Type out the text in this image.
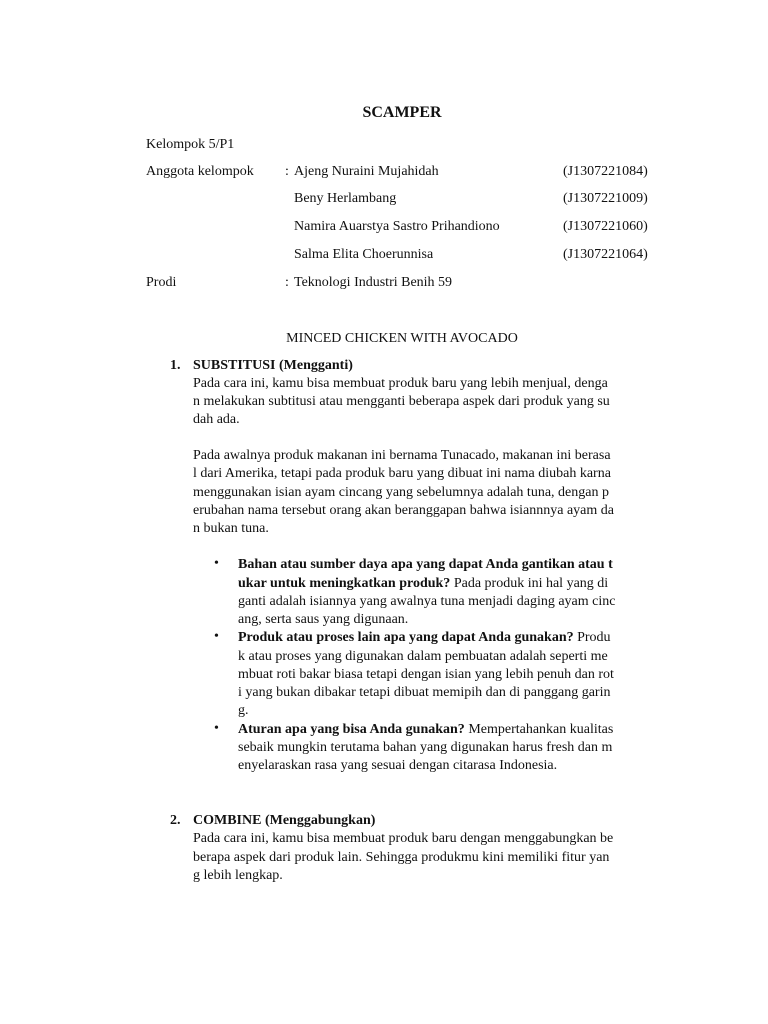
SCAMPER
Kelompok 5/P1
Anggota kelompok : Ajeng Nuraini Mujahidah	(J1307221084)
Beny Herlambang	(J1307221009)
Namira Auarstya Sastro Prihandiono	(J1307221060)
Salma Elita Choerunnisa	(J1307221064)
Prodi	: Teknologi Industri Benih 59
MINCED CHICKEN WITH AVOCADO
1. SUBSTITUSI (Mengganti)
Pada cara ini, kamu bisa membuat produk baru yang lebih menjual, denga
n melakukan subtitusi atau mengganti beberapa aspek dari produk yang su
dah ada.
Pada awalnya produk makanan ini bernama Tunacado, makanan ini berasa
l dari Amerika, tetapi pada produk baru yang dibuat ini nama diubah karna
menggunakan isian ayam cincang yang sebelumnya adalah tuna, dengan p
erubahan nama tersebut orang akan beranggapan bahwa isiannnya ayam da
n bukan tuna.
• Bahan atau sumber daya apa yang dapat Anda gantikan atau t
ukar untuk meningkatkan produk? Pada produk ini hal yang di
ganti adalah isiannya yang awalnya tuna menjadi daging ayam cinc
ang, serta saus yang digunaan.
• Produk atau proses lain apa yang dapat Anda gunakan? Produ
k atau proses yang digunakan dalam pembuatan adalah seperti me
mbuat roti bakar biasa tetapi dengan isian yang lebih penuh dan rot
i yang bukan dibakar tetapi dibuat memipih dan di panggang garin
g.
• Aturan apa yang bisa Anda gunakan? Mempertahankan kualitas
sebaik mungkin terutama bahan yang digunakan harus fresh dan m
enyelaraskan rasa yang sesuai dengan citarasa Indonesia.
2. COMBINE (Menggabungkan)
Pada cara ini, kamu bisa membuat produk baru dengan menggabungkan be
berapa aspek dari produk lain. Sehingga produkmu kini memiliki fitur yan
g lebih lengkap.
